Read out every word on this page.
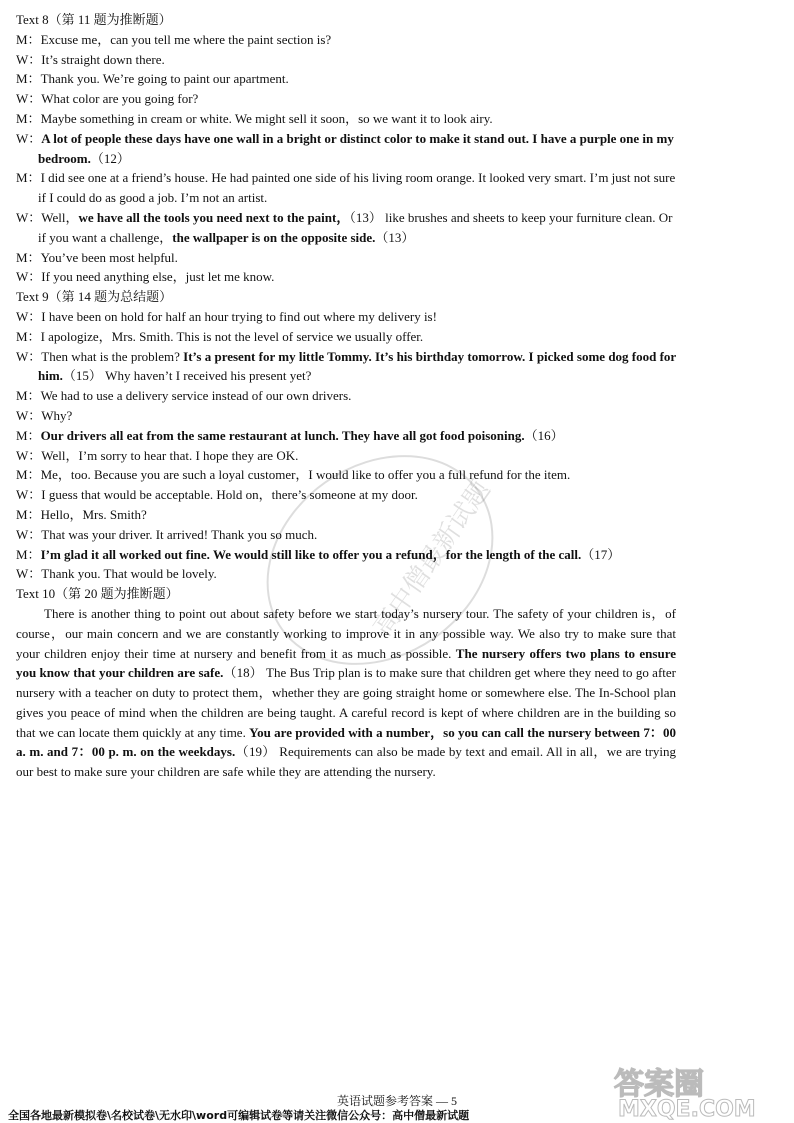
Text 8（第 11 题为推断题）
M：Excuse me，can you tell me where the paint section is?
W：It’s straight down there.
M：Thank you. We’re going to paint our apartment.
W：What color are you going for?
M：Maybe something in cream or white. We might sell it soon，so we want it to look airy.
W：A lot of people these days have one wall in a bright or distinct color to make it stand out. I have a purple one in my bedroom.（12）
M：I did see one at a friend’s house. He had painted one side of his living room orange. It looked very smart. I’m just not sure if I could do as good a job. I’m not an artist.
W：Well，we have all the tools you need next to the paint，（13） like brushes and sheets to keep your furniture clean. Or if you want a challenge，the wallpaper is on the opposite side.（13）
M：You’ve been most helpful.
W：If you need anything else，just let me know.
Text 9（第 14 题为总结题）
W：I have been on hold for half an hour trying to find out where my delivery is!
M：I apologize，Mrs. Smith. This is not the level of service we usually offer.
W：Then what is the problem? It’s a present for my little Tommy. It’s his birthday tomorrow. I picked some dog food for him.（15） Why haven’t I received his present yet?
M：We had to use a delivery service instead of our own drivers.
W：Why?
M：Our drivers all eat from the same restaurant at lunch. They have all got food poisoning.（16）
W：Well，I’m sorry to hear that. I hope they are OK.
M：Me，too. Because you are such a loyal customer，I would like to offer you a full refund for the item.
W：I guess that would be acceptable. Hold on，there’s someone at my door.
M：Hello，Mrs. Smith?
W：That was your driver. It arrived! Thank you so much.
M：I’m glad it all worked out fine. We would still like to offer you a refund，for the length of the call.（17）
W：Thank you. That would be lovely.
Text 10（第 20 题为推断题）
There is another thing to point out about safety before we start today’s nursery tour. The safety of your children is，of course，our main concern and we are constantly working to improve it in any possible way. We also try to make sure that your children enjoy their time at nursery and benefit from it as much as possible. The nursery offers two plans to ensure you know that your children are safe.（18） The Bus Trip plan is to make sure that children get where they need to go after nursery with a teacher on duty to protect them，whether they are going straight home or somewhere else. The In-School plan gives you peace of mind when the children are being taught. A careful record is kept of where children are in the building so that we can locate them quickly at any time. You are provided with a number，so you can call the nursery between 7：00 a. m. and 7：00 p. m. on the weekdays.（19） Requirements can also be made by text and email. All in all，we are trying our best to make sure your children are safe while they are attending the nursery.
高中僧最新试题
答案圈
MXQE.COM
英语试题参考答案 — 5
全国各地最新模拟卷\名校试卷\无水印\word可编辑试卷等请关注微信公众号：高中僧最新试题
